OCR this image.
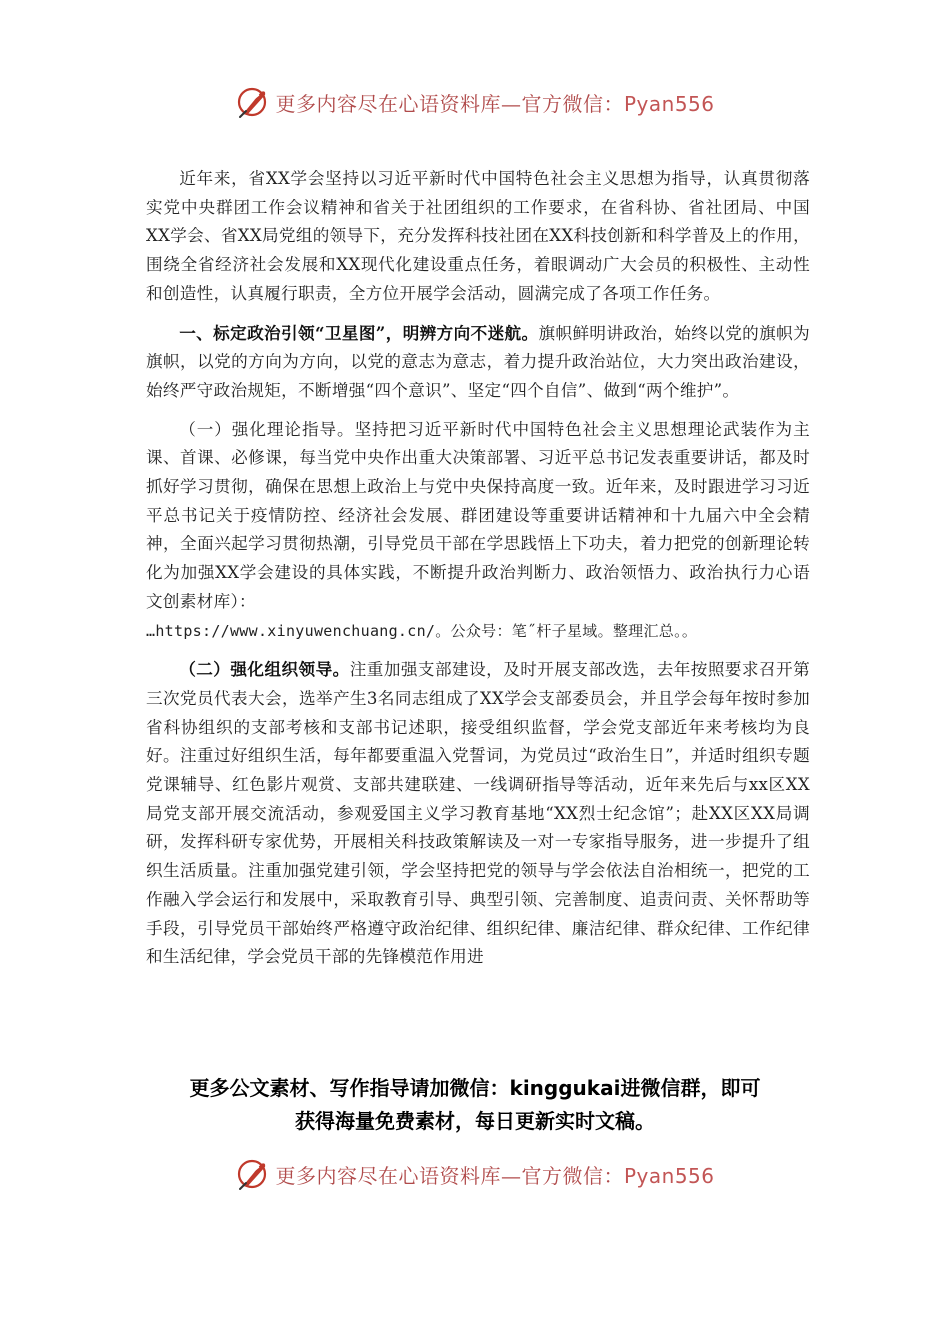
更多内容尽在心语资料库—官方微信：Pyan556

近年来，省XX学会坚持以习近平新时代中国特色社会主义思想为指导，认真贯彻落实党中央群团工作会议精神和省关于社团组织的工作要求，在省科协、省社团局、中国XX学会、省XX局党组的领导下，充分发挥科技社团在XX科技创新和科学普及上的作用，围绕全省经济社会发展和XX现代化建设重点任务，着眼调动广大会员的积极性、主动性和创造性，认真履行职责，全方位开展学会活动，圆满完成了各项工作任务。

一、标定政治引领“卫星图”，明辨方向不迷航。旗帜鲜明讲政治，始终以党的旗帜为旗帜，以党的方向为方向，以党的意志为意志，着力提升政治站位，大力突出政治建设，始终严守政治规矩，不断增强“四个意识”、坚定“四个自信”、做到“两个维护”。

（一）强化理论指导。坚持把习近平新时代中国特色社会主义思想理论武装作为主课、首课、必修课，每当党中央作出重大决策部署、习近平总书记发表重要讲话，都及时抓好学习贯彻，确保在思想上政治上与党中央保持高度一致。近年来，及时跟进学习习近平总书记关于疫情防控、经济社会发展、群团建设等重要讲话精神和十九届六中全会精神，全面兴起学习贯彻热潮，引导党员干部在学思践悟上下功夫，着力把党的创新理论转化为加强XX学会建设的具体实践，不断提升政治判断力、政治领悟力、政治执行力心语文创素材库）：
…https://www.xinyuwenchuang.cn/。公众号：笔˝杆子星域。整理汇总。。

（二）强化组织领导。注重加强支部建设，及时开展支部改选，去年按照要求召开第三次党员代表大会，选举产生3名同志组成了XX学会支部委员会，并且学会每年按时参加省科协组织的支部考核和支部书记述职，接受组织监督，学会党支部近年来考核均为良好。注重过好组织生活，每年都要重温入党誓词，为党员过“政治生日”，并适时组织专题党课辅导、红色影片观赏、支部共建联建、一线调研指导等活动，近年来先后与xx区XX局党支部开展交流活动，参观爱国主义学习教育基地“XX烈士纪念馆”；赴XX区XX局调研，发挥科研专家优势，开展相关科技政策解读及一对一专家指导服务，进一步提升了组织生活质量。注重加强党建引领，学会坚持把党的领导与学会依法自治相统一，把党的工作融入学会运行和发展中，采取教育引导、典型引领、完善制度、追责问责、关怀帮助等手段，引导党员干部始终严格遵守政治纪律、组织纪律、廉洁纪律、群众纪律、工作纪律和生活纪律，学会党员干部的先锋模范作用进

更多公文素材、写作指导请加微信：kinggukai进微信群，即可
获得海量免费素材，每日更新实时文稿。
更多内容尽在心语资料库—官方微信：Pyan556
